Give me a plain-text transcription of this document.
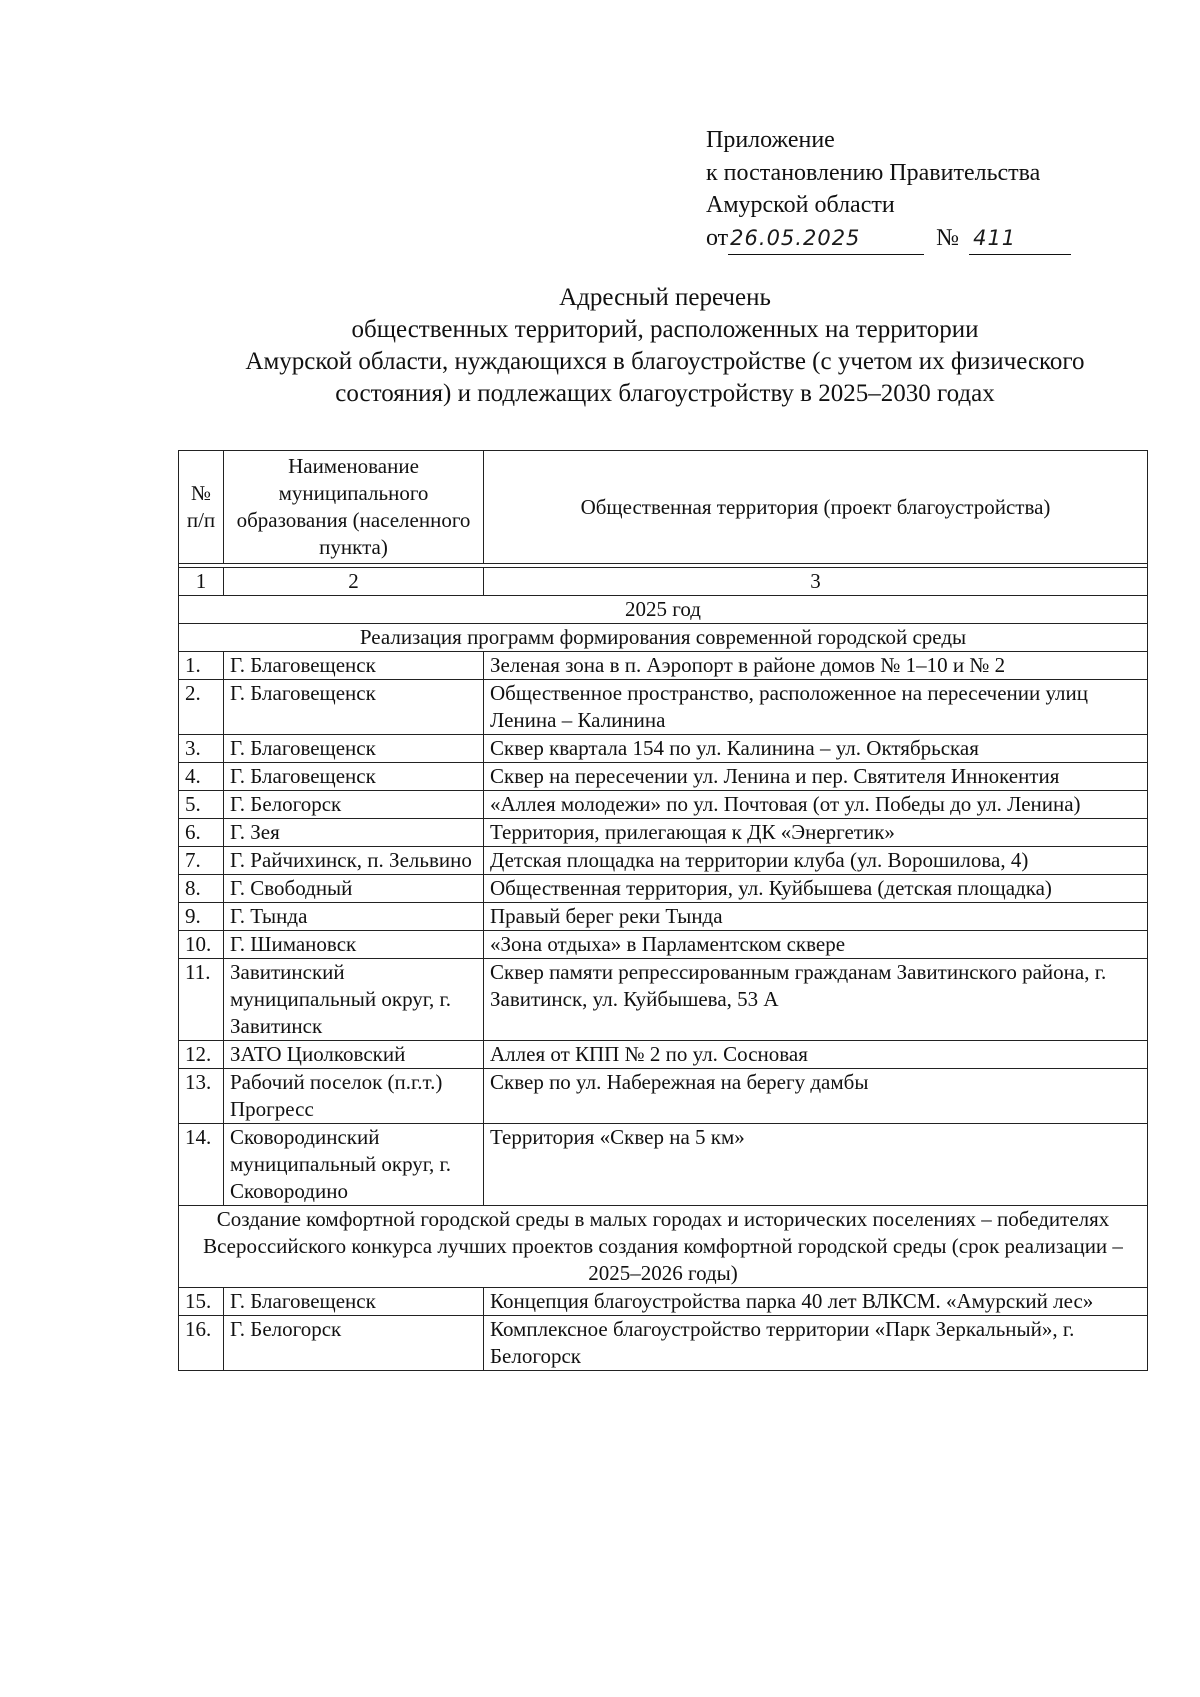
Приложение
к постановлению Правительства
Амурской области
от26.05.2025	№ 411
Адресный перечень
общественных территорий, расположенных на территории
Амурской области, нуждающихся в благоустройстве (с учетом их физического
состояния) и подлежащих благоустройству в 2025–2030 годах
№ п/п	Наименование муниципального образования (населенного пункта)	Общественная территория (проект благоустройства)

1	2	3
2025 год		
Реализация программ формирования современной городской среды		
1.	Г. Благовещенск	Зеленая зона в п. Аэропорт в районе домов № 1–10 и № 2
2.	Г. Благовещенск	Общественное пространство, расположенное на пересечении улиц Ленина – Калинина
3.	Г. Благовещенск	Сквер квартала 154 по ул. Калинина – ул. Октябрьская
4.	Г. Благовещенск	Сквер на пересечении ул. Ленина и пер. Святителя Иннокентия
5.	Г. Белогорск	«Аллея молодежи» по ул. Почтовая (от ул. Победы до ул. Ленина)
6.	Г. Зея	Территория, прилегающая к ДК «Энергетик»
7.	Г. Райчихинск, п. Зельвино	Детская площадка на территории клуба (ул. Ворошилова, 4)
8.	Г. Свободный	Общественная территория, ул. Куйбышева (детская площадка)
9.	Г. Тында	Правый берег реки Тында
10.	Г. Шимановск	«Зона отдыха» в Парламентском сквере
11.	Завитинский муниципальный округ, г. Завитинск	Сквер памяти репрессированным гражданам Завитинского района, г. Завитинск, ул. Куйбышева, 53 А
12.	ЗАТО Циолковский	Аллея от КПП № 2 по ул. Сосновая
13.	Рабочий поселок (п.г.т.) Прогресс	Сквер по ул. Набережная на берегу дамбы
14.	Сковородинский муниципальный округ, г. Сковородино	Территория «Сквер на 5 км»
Создание комфортной городской среды в малых городах и исторических поселениях – победителях Всероссийского конкурса лучших проектов создания комфортной городской среды (срок реализации – 2025–2026 годы)		
15.	Г. Благовещенск	Концепция благоустройства парка 40 лет ВЛКСМ. «Амурский лес»
16.	Г. Белогорск	Комплексное благоустройство территории «Парк Зеркальный», г. Белогорск
